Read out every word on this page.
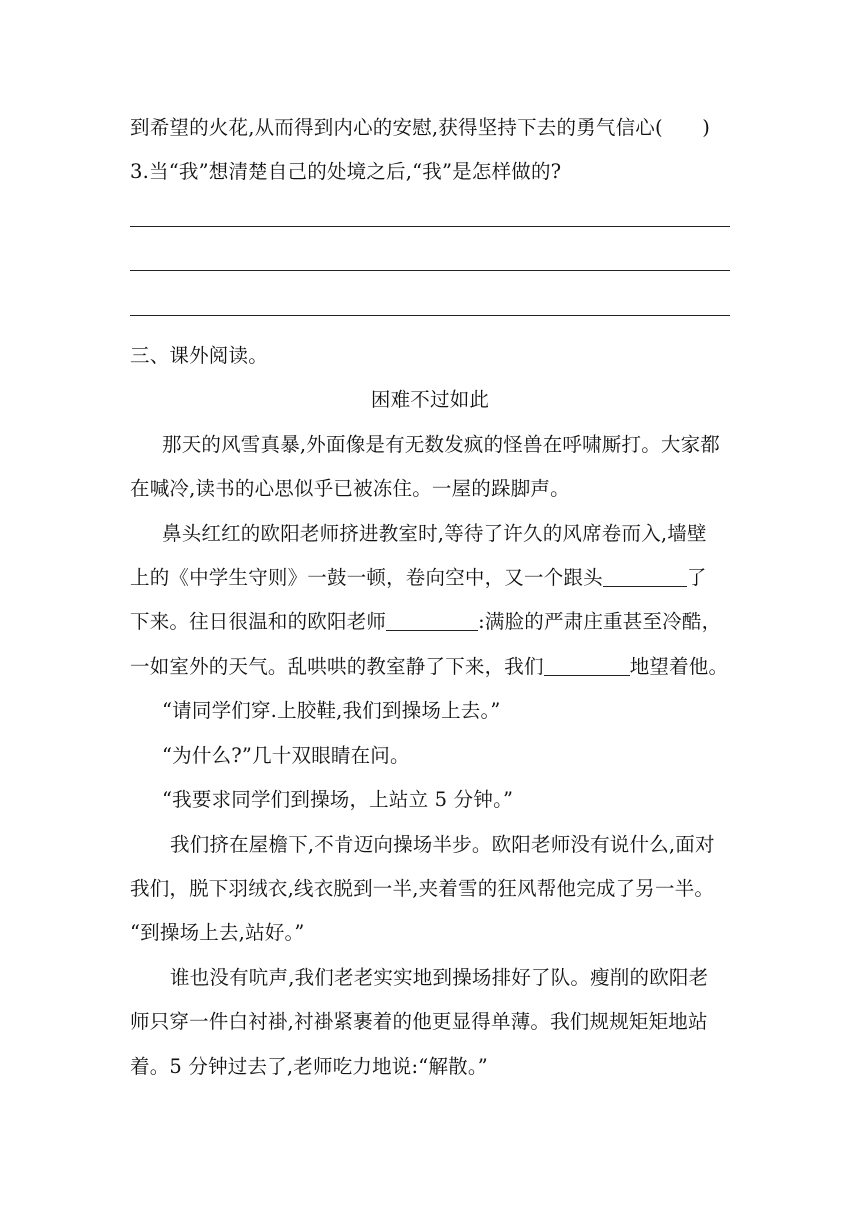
到希望的火花,从而得到内心的安慰,获得坚持下去的勇气信心(　　)
3.当“我”想清楚自己的处境之后,“我”是怎样做的?
三、课外阅读。
困难不过如此
那天的风雪真暴,外面像是有无数发疯的怪兽在呼啸厮打。大家都
在喊冷,读书的心思似乎已被冻住。一屋的跺脚声。
鼻头红红的欧阳老师挤进教室时,等待了许久的风席卷而入,墙壁
上的《中学生守则》一鼓一顿，卷向空中，又一个跟头	了
下来。往日很温和的欧阳老师	:满脸的严肃庄重甚至冷酷，
一如室外的天气。乱哄哄的教室静了下来，我们	地望着他。
“请同学们穿.上胶鞋,我们到操场上去。”
“为什么?”几十双眼睛在问。
“我要求同学们到操场，上站立 5 分钟。”
我们挤在屋檐下,不肯迈向操场半步。欧阳老师没有说什么,面对
我们，脱下羽绒衣,线衣脱到一半,夹着雪的狂风帮他完成了另一半。
“到操场上去,站好。”
谁也没有吭声,我们老老实实地到操场排好了队。瘦削的欧阳老
师只穿一件白衬褂,衬褂紧裹着的他更显得单薄。我们规规矩矩地站
着。5 分钟过去了,老师吃力地说:“解散。”
